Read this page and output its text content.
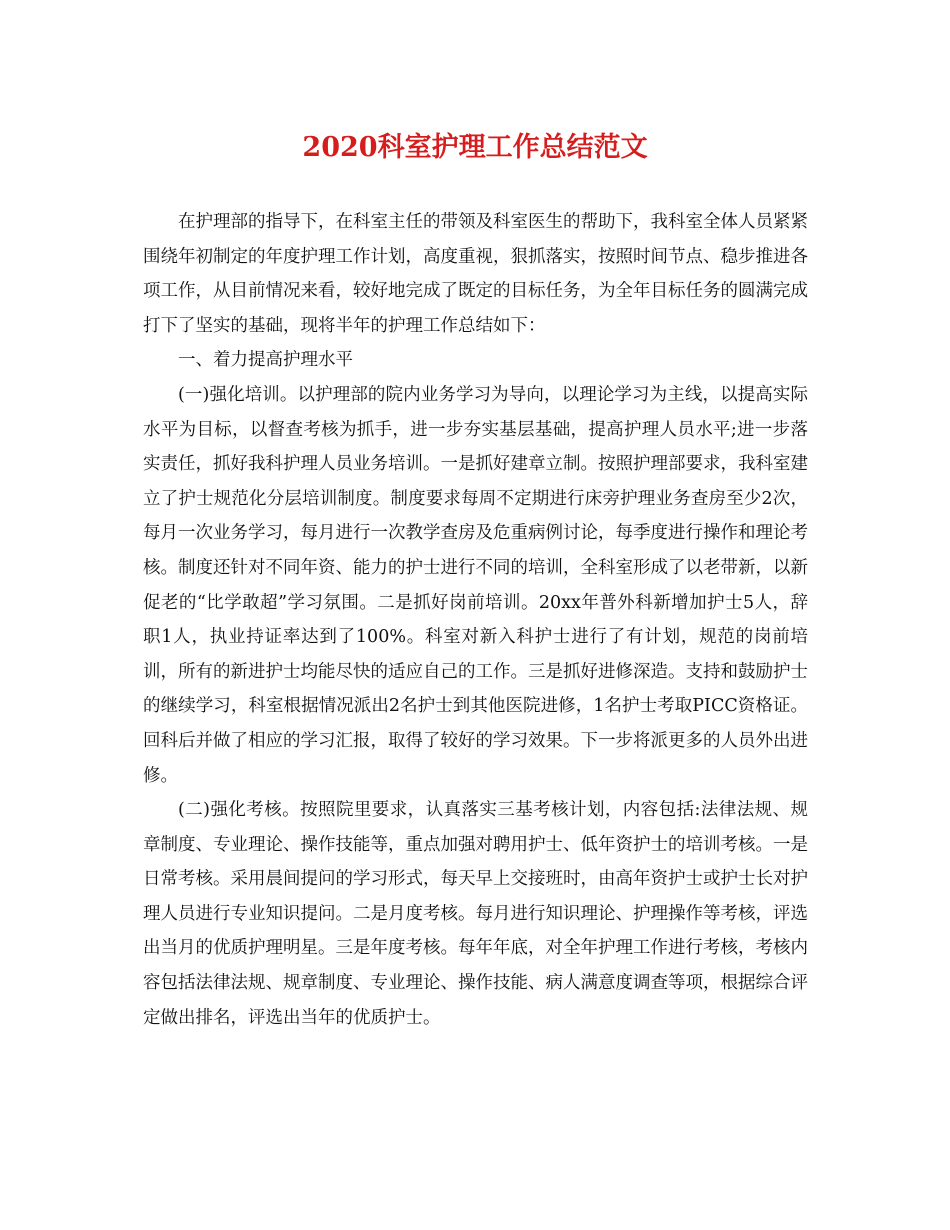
2020科室护理工作总结范文

在护理部的指导下，在科室主任的带领及科室医生的帮助下，我科室全体人员紧紧围绕年初制定的年度护理工作计划，高度重视，狠抓落实，按照时间节点、稳步推进各项工作，从目前情况来看，较好地完成了既定的目标任务，为全年目标任务的圆满完成打下了坚实的基础，现将半年的护理工作总结如下：

一、着力提高护理水平

(一)强化培训。以护理部的院内业务学习为导向，以理论学习为主线，以提高实际水平为目标，以督查考核为抓手，进一步夯实基层基础，提高护理人员水平;进一步落实责任，抓好我科护理人员业务培训。一是抓好建章立制。按照护理部要求，我科室建立了护士规范化分层培训制度。制度要求每周不定期进行床旁护理业务查房至少2次，每月一次业务学习，每月进行一次教学查房及危重病例讨论，每季度进行操作和理论考核。制度还针对不同年资、能力的护士进行不同的培训，全科室形成了以老带新，以新促老的“比学敢超”学习氛围。二是抓好岗前培训。20xx年普外科新增加护士5人，辞职1人，执业持证率达到了100%。科室对新入科护士进行了有计划，规范的岗前培训，所有的新进护士均能尽快的适应自己的工作。三是抓好进修深造。支持和鼓励护士的继续学习，科室根据情况派出2名护士到其他医院进修，1名护士考取PICC资格证。回科后并做了相应的学习汇报，取得了较好的学习效果。下一步将派更多的人员外出进修。

(二)强化考核。按照院里要求，认真落实三基考核计划，内容包括:法律法规、规章制度、专业理论、操作技能等，重点加强对聘用护士、低年资护士的培训考核。一是日常考核。采用晨间提问的学习形式，每天早上交接班时，由高年资护士或护士长对护理人员进行专业知识提问。二是月度考核。每月进行知识理论、护理操作等考核，评选出当月的优质护理明星。三是年度考核。每年年底，对全年护理工作进行考核，考核内容包括法律法规、规章制度、专业理论、操作技能、病人满意度调查等项，根据综合评定做出排名，评选出当年的优质护士。
